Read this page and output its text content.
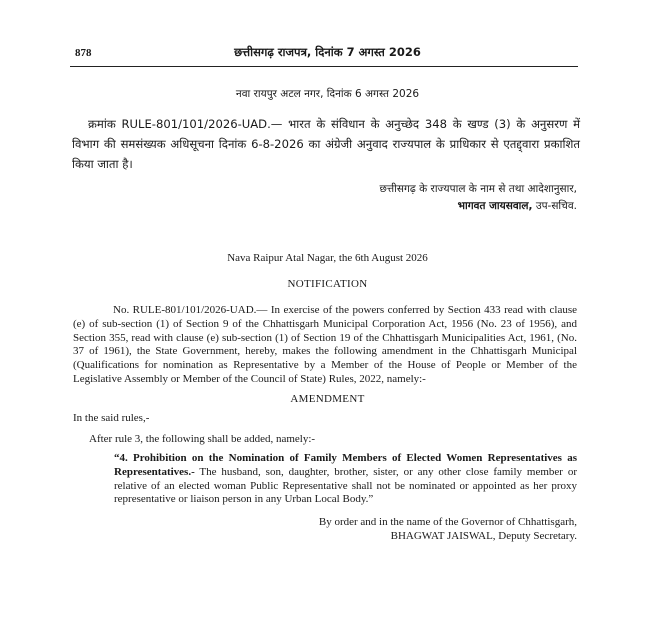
878	छत्तीसगढ़ राजपत्र, दिनांक 7 अगस्त 2026
नवा रायपुर अटल नगर, दिनांक 6 अगस्त 2026
क्रमांक RULE-801/101/2026-UAD.— भारत के संविधान के अनुच्छेद 348 के खण्ड (3) के अनुसरण में विभाग की समसंख्यक अधिसूचना दिनांक 6-8-2026 का अंग्रेजी अनुवाद राज्यपाल के प्राधिकार से एतद्द्वारा प्रकाशित किया जाता है।
छत्तीसगढ़ के राज्यपाल के नाम से तथा आदेशानुसार,
भागवत जायसवाल, उप-सचिव.
Nava Raipur Atal Nagar, the 6th August 2026
NOTIFICATION
No. RULE-801/101/2026-UAD.— In exercise of the powers conferred by Section 433 read with clause (e) of sub-section (1) of Section 9 of the Chhattisgarh Municipal Corporation Act, 1956 (No. 23 of 1956), and Section 355, read with clause (e) sub-section (1) of Section 19 of the Chhattisgarh Municipalities Act, 1961, (No. 37 of 1961), the State Government, hereby, makes the following amendment in the Chhattisgarh Municipal (Qualifications for nomination as Representative by a Member of the House of People or Member of the Legislative Assembly or Member of the Council of State) Rules, 2022, namely:-
AMENDMENT
In the said rules,-
After rule 3, the following shall be added, namely:-
“4. Prohibition on the Nomination of Family Members of Elected Women Representatives as Representatives.- The husband, son, daughter, brother, sister, or any other close family member or relative of an elected woman Public Representative shall not be nominated or appointed as her proxy representative or liaison person in any Urban Local Body.”
By order and in the name of the Governor of Chhattisgarh,
BHAGWAT JAISWAL, Deputy Secretary.
